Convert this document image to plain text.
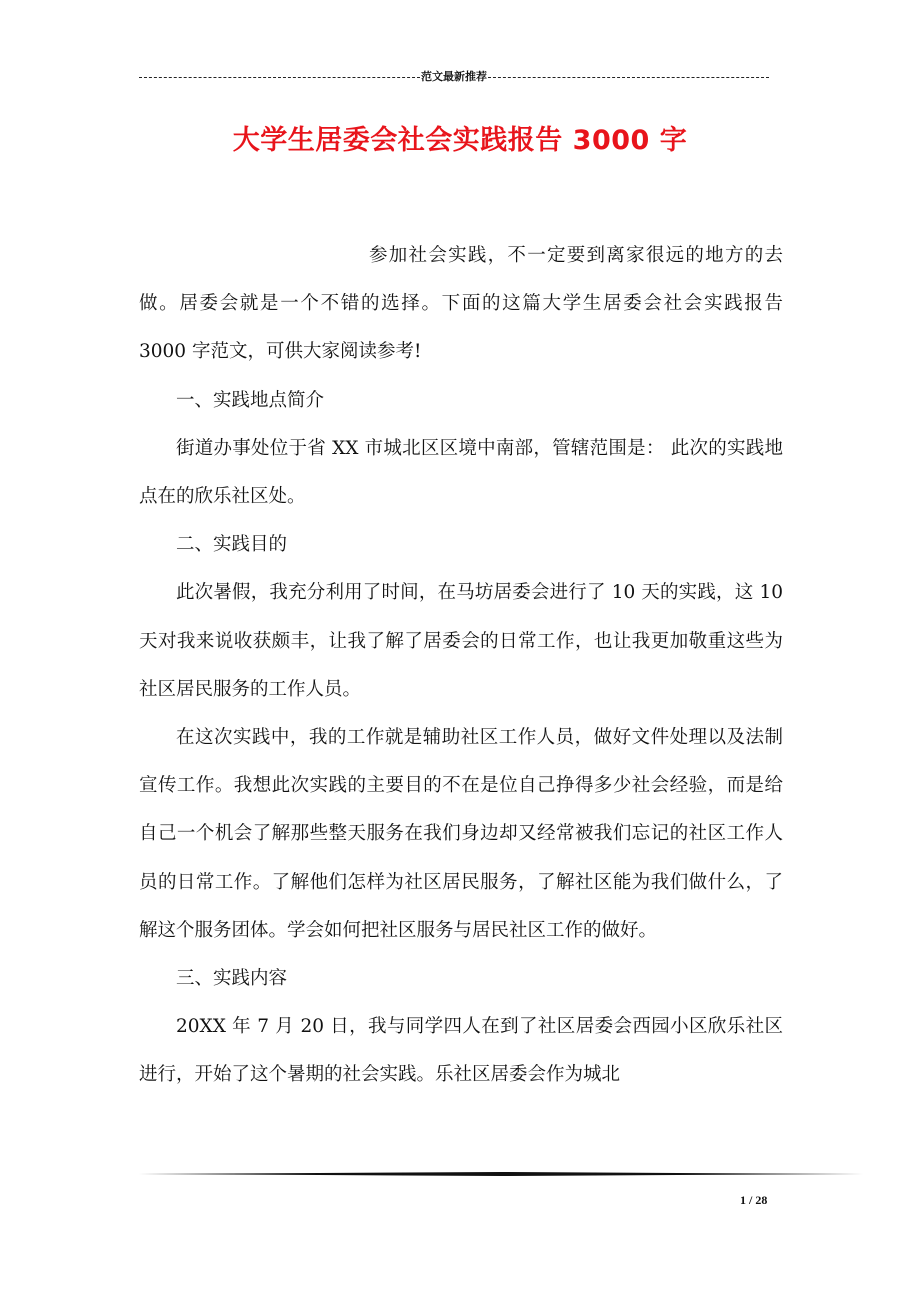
范文最新推荐
大学生居委会社会实践报告 3000 字

参加社会实践，不一定要到离家很远的地方的去做。居委会就是一个不错的选择。下面的这篇大学生居委会社会实践报告 3000 字范文，可供大家阅读参考!

一、实践地点简介

街道办事处位于省 XX 市城北区区境中南部，管辖范围是： 此次的实践地点在的欣乐社区处。

二、实践目的

此次暑假，我充分利用了时间，在马坊居委会进行了 10 天的实践，这 10 天对我来说收获颇丰，让我了解了居委会的日常工作，也让我更加敬重这些为社区居民服务的工作人员。

在这次实践中，我的工作就是辅助社区工作人员，做好文件处理以及法制宣传工作。我想此次实践的主要目的不在是位自己挣得多少社会经验，而是给自己一个机会了解那些整天服务在我们身边却又经常被我们忘记的社区工作人员的日常工作。了解他们怎样为社区居民服务，了解社区能为我们做什么，了解这个服务团体。学会如何把社区服务与居民社区工作的做好。

三、实践内容

20XX 年 7 月 20 日，我与同学四人在到了社区居委会西园小区欣乐社区进行，开始了这个暑期的社会实践。乐社区居委会作为城北

1 / 28
